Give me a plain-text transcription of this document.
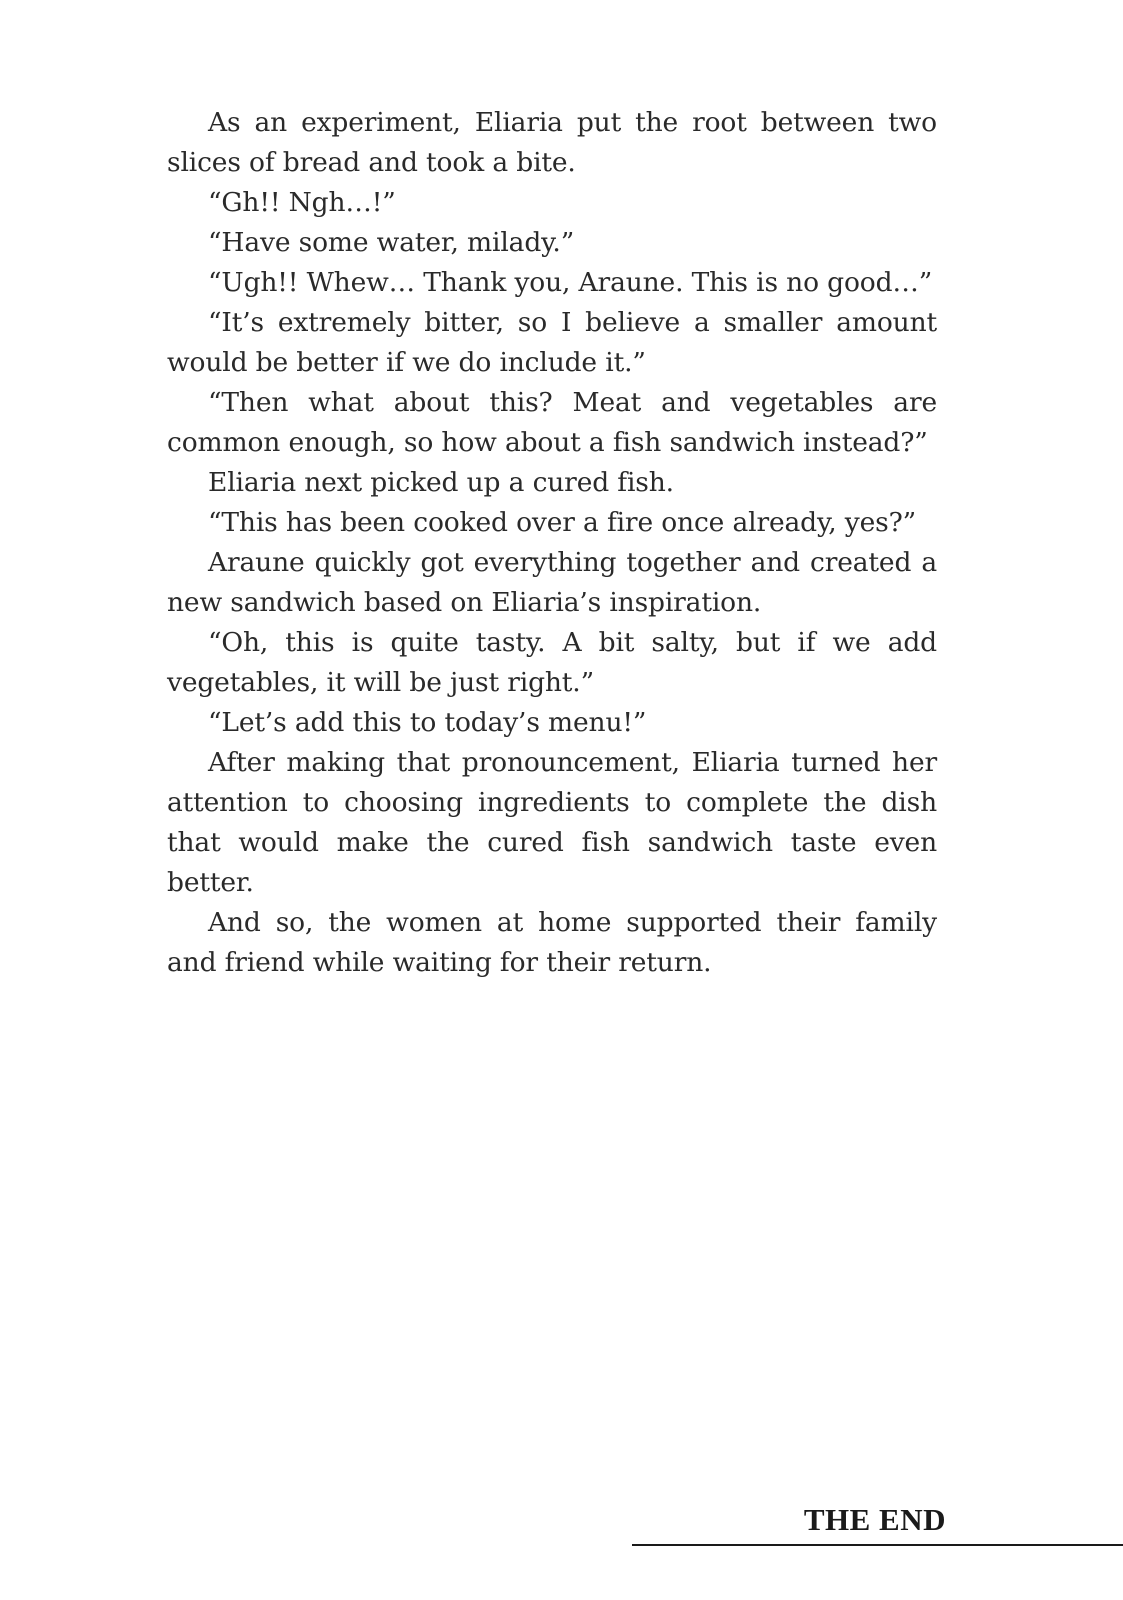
As an experiment, Eliaria put the root between two slices of bread and took a bite.

“Gh!! Ngh…!”

“Have some water, milady.”

“Ugh!! Whew… Thank you, Araune. This is no good…”

“It’s extremely bitter, so I believe a smaller amount would be better if we do include it.”

“Then what about this? Meat and vegetables are common enough, so how about a fish sandwich instead?”

Eliaria next picked up a cured fish.

“This has been cooked over a fire once already, yes?”

Araune quickly got everything together and created a new sandwich based on Eliaria’s inspiration.

“Oh, this is quite tasty. A bit salty, but if we add vegetables, it will be just right.”

“Let’s add this to today’s menu!”

After making that pronouncement, Eliaria turned her attention to choosing ingredients to complete the dish that would make the cured fish sandwich taste even better.

And so, the women at home supported their family and friend while waiting for their return.

THE END
